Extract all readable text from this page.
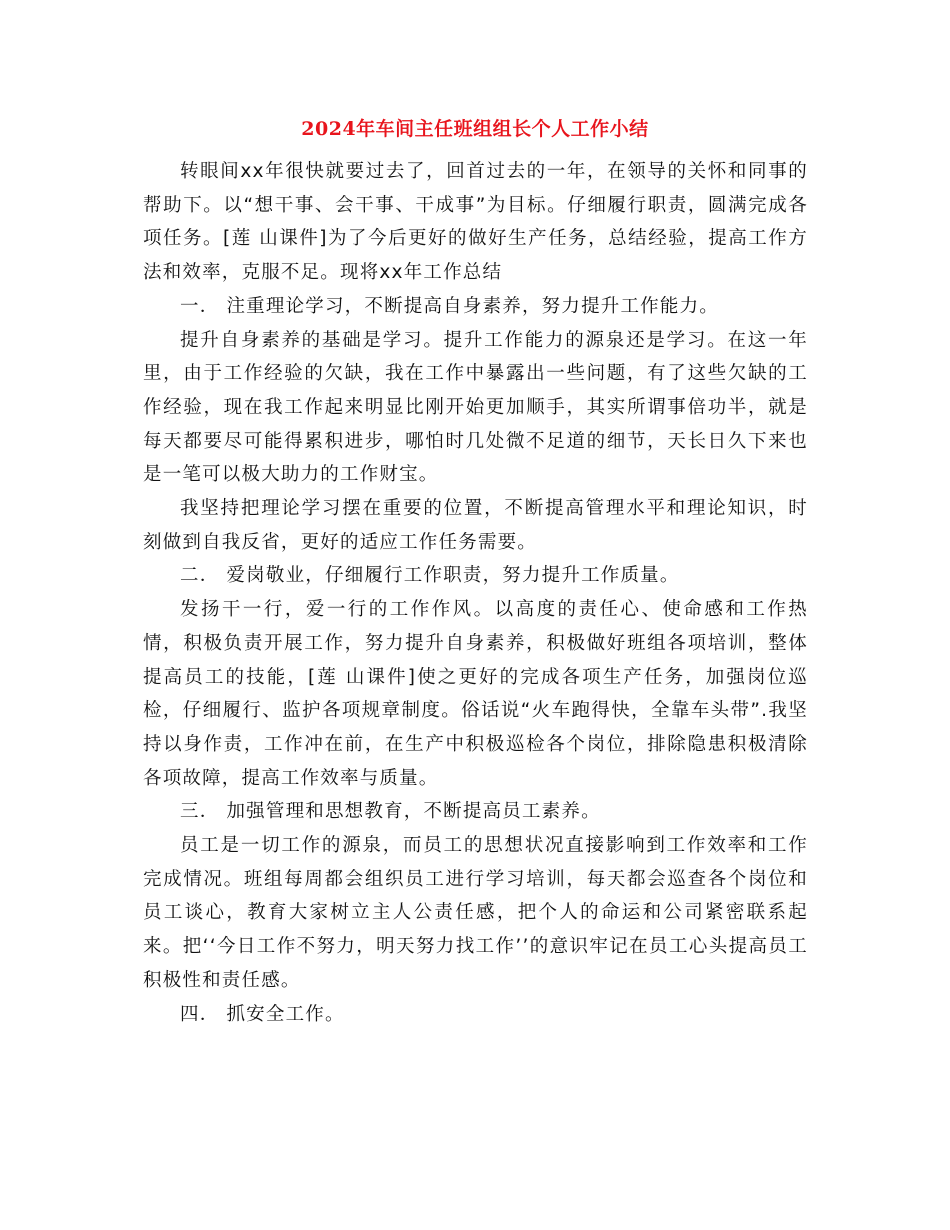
2024年车间主任班组组长个人工作小结

转眼间xx年很快就要过去了，回首过去的一年，在领导的关怀和同事的帮助下。以“想干事、会干事、干成事”为目标。仔细履行职责，圆满完成各项任务。[莲 山课件]为了今后更好的做好生产任务，总结经验，提高工作方法和效率，克服不足。现将xx年工作总结

一． 注重理论学习，不断提高自身素养，努力提升工作能力。

提升自身素养的基础是学习。提升工作能力的源泉还是学习。在这一年里，由于工作经验的欠缺，我在工作中暴露出一些问题，有了这些欠缺的工作经验，现在我工作起来明显比刚开始更加顺手，其实所谓事倍功半，就是每天都要尽可能得累积进步，哪怕时几处微不足道的细节，天长日久下来也是一笔可以极大助力的工作财宝。

我坚持把理论学习摆在重要的位置，不断提高管理水平和理论知识，时刻做到自我反省，更好的适应工作任务需要。

二． 爱岗敬业，仔细履行工作职责，努力提升工作质量。

发扬干一行，爱一行的工作作风。以高度的责任心、使命感和工作热情，积极负责开展工作，努力提升自身素养，积极做好班组各项培训，整体提高员工的技能，[莲 山课件]使之更好的完成各项生产任务，加强岗位巡检，仔细履行、监护各项规章制度。俗话说“火车跑得快，全靠车头带”.我坚持以身作责，工作冲在前，在生产中积极巡检各个岗位，排除隐患积极清除各项故障，提高工作效率与质量。

三． 加强管理和思想教育，不断提高员工素养。

员工是一切工作的源泉，而员工的思想状况直接影响到工作效率和工作完成情况。班组每周都会组织员工进行学习培训，每天都会巡查各个岗位和员工谈心，教育大家树立主人公责任感，把个人的命运和公司紧密联系起来。把‘‘今日工作不努力，明天努力找工作’’的意识牢记在员工心头提高员工积极性和责任感。

四． 抓安全工作。
